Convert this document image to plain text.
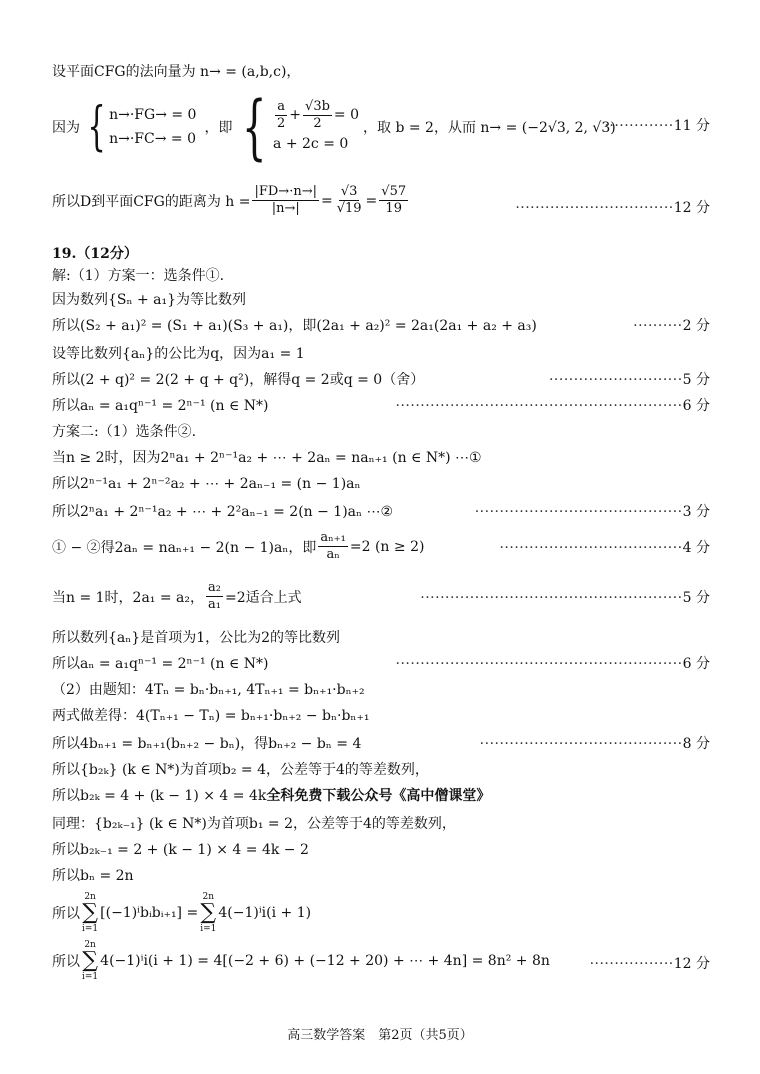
设平面CFG的法向量为 n→ = (a,b,c)，
因为 { n→·FG→ = 0
n→·FC→ = 0
，即 { $\frac{a}{2} + \frac{√3b}{2} = 0$
a + 2c = 0
，取 b = 2，从而 n→ = (−2√3, 2, √3)
··············11 分
所以D到平面CFG的距离为 $h = \frac{|FD\to\cdot n\to|}{|n\to|} = \frac{√3}{√19} = \frac{√57}{19}$	································12 分
19.（12分）
解:（1）方案一：选条件①.
因为数列{Sₙ + a₁}为等比数列
所以(S₂ + a₁)² = (S₁ + a₁)(S₃ + a₁)，即(2a₁ + a₂)² = 2a₁(2a₁ + a₂ + a₃)	··········2 分
设等比数列{aₙ}的公比为q，因为a₁ = 1
所以(2 + q)² = 2(2 + q + q²)，解得q = 2或q = 0（舍）	···························5 分
所以aₙ = a₁qⁿ⁻¹ = 2ⁿ⁻¹ (n ∈ N*)	··························································6 分
方案二:（1）选条件②.
当n ≥ 2时，因为2ⁿa₁ + 2ⁿ⁻¹a₂ + ⋯ + 2aₙ = naₙ₊₁ (n ∈ N*) ⋯①
所以2ⁿ⁻¹a₁ + 2ⁿ⁻²a₂ + ⋯ + 2aₙ₋₁ = (n − 1)aₙ
所以2ⁿa₁ + 2ⁿ⁻¹a₂ + ⋯ + 2²aₙ₋₁ = 2(n − 1)aₙ ⋯②	··········································3 分
① − ②得2aₙ = naₙ₊₁ − 2(n − 1)aₙ，即 $\frac{\text{aₙ₊₁}}{\text{aₙ}} =2$ (n ≥ 2)	·····································4 分
当n = 1时，2a₁ = a₂， $\frac{\text{a₂}}{\text{a₁}} =2$适合上式	·····················································5 分
所以数列{aₙ}是首项为1，公比为2的等比数列
所以aₙ = a₁qⁿ⁻¹ = 2ⁿ⁻¹ (n ∈ N*)	··························································6 分
（2）由题知：4Tₙ = bₙ·bₙ₊₁, 4Tₙ₊₁ = bₙ₊₁·bₙ₊₂
两式做差得：4(Tₙ₊₁ − Tₙ) = bₙ₊₁·bₙ₊₂ − bₙ·bₙ₊₁
所以4bₙ₊₁ = bₙ₊₁(bₙ₊₂ − bₙ)，得bₙ₊₂ − bₙ = 4	·········································8 分
所以{b₂ₖ} (k ∈ N*)为首项b₂ = 4，公差等于4的等差数列，
所以b₂ₖ = 4 + (k − 1) × 4 = 4k全科免费下载公众号《高中僧课堂》
同理：{b₂ₖ₋₁} (k ∈ N*)为首项b₁ = 2，公差等于4的等差数列，
所以b₂ₖ₋₁ = 2 + (k − 1) × 4 = 4k − 2
所以bₙ = 2n
所以
2n
∑
i=1
[(−1)ⁱbᵢbᵢ₊₁] =
2n
∑
i=1
4(−1)ⁱi(i + 1)
所以
2n
∑
i=1
4(−1)ⁱi(i + 1) = 4[(−2 + 6) + (−12 + 20) + ⋯ + 4n] = 8n² + 8n	·················12 分
高三数学答案　第2页（共5页）
